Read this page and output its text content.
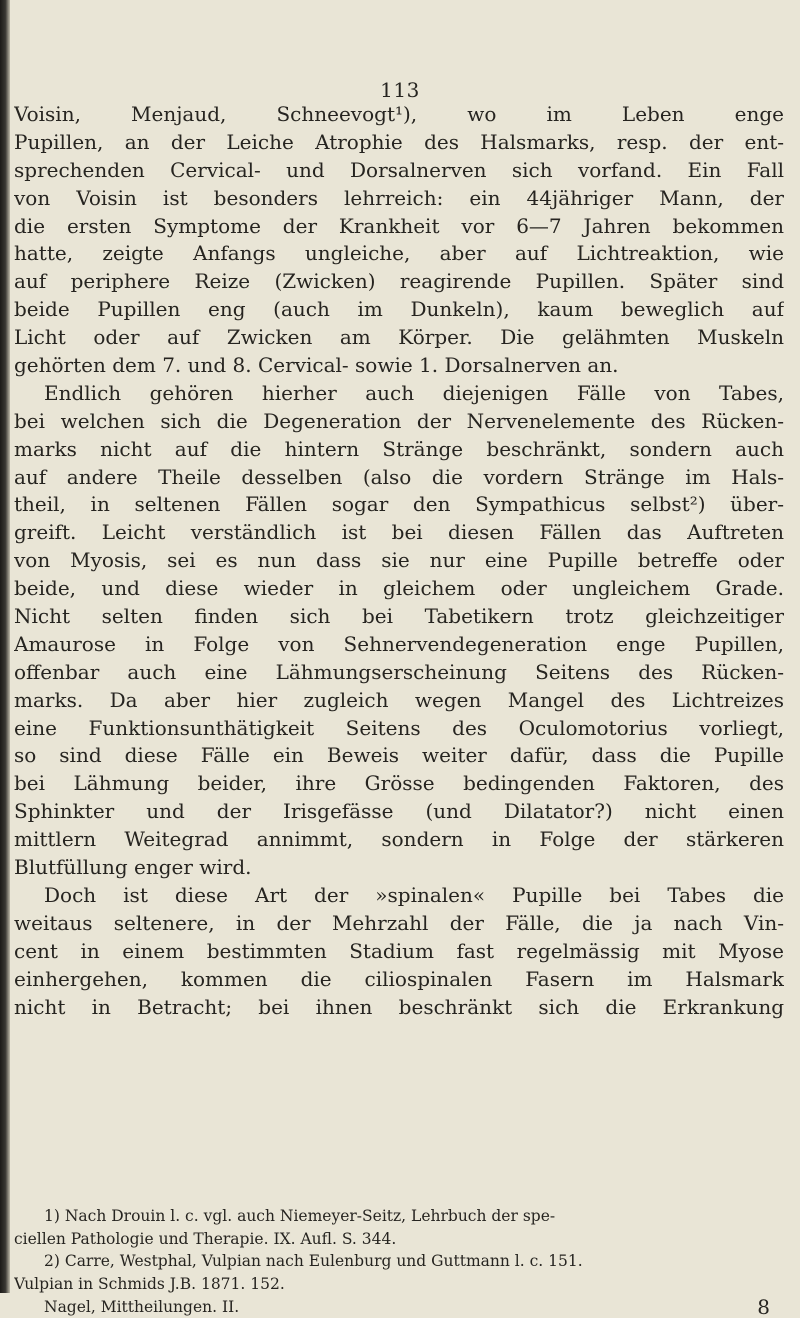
113
Voisin, Menjaud, Schneevogt¹), wo im Leben enge
Pupillen, an der Leiche Atrophie des Halsmarks, resp. der ent-
sprechenden Cervical- und Dorsalnerven sich vorfand. Ein Fall
von Voisin ist besonders lehrreich: ein 44jähriger Mann, der
die ersten Symptome der Krankheit vor 6—7 Jahren bekommen
hatte, zeigte Anfangs ungleiche, aber auf Lichtreaktion, wie
auf periphere Reize (Zwicken) reagirende Pupillen. Später sind
beide Pupillen eng (auch im Dunkeln), kaum beweglich auf
Licht oder auf Zwicken am Körper. Die gelähmten Muskeln
gehörten dem 7. und 8. Cervical- sowie 1. Dorsalnerven an.
Endlich gehören hierher auch diejenigen Fälle von Tabes,
bei welchen sich die Degeneration der Nervenelemente des Rücken-
marks nicht auf die hintern Stränge beschränkt, sondern auch
auf andere Theile desselben (also die vordern Stränge im Hals-
theil, in seltenen Fällen sogar den Sympathicus selbst²) über-
greift. Leicht verständlich ist bei diesen Fällen das Auftreten
von Myosis, sei es nun dass sie nur eine Pupille betreffe oder
beide, und diese wieder in gleichem oder ungleichem Grade.
Nicht selten finden sich bei Tabetikern trotz gleichzeitiger
Amaurose in Folge von Sehnervendegeneration enge Pupillen,
offenbar auch eine Lähmungserscheinung Seitens des Rücken-
marks. Da aber hier zugleich wegen Mangel des Lichtreizes
eine Funktionsunthätigkeit Seitens des Oculomotorius vorliegt,
so sind diese Fälle ein Beweis weiter dafür, dass die Pupille
bei Lähmung beider, ihre Grösse bedingenden Faktoren, des
Sphinkter und der Irisgefässe (und Dilatator?) nicht einen
mittlern Weitegrad annimmt, sondern in Folge der stärkeren
Blutfüllung enger wird.
Doch ist diese Art der »spinalen« Pupille bei Tabes die
weitaus seltenere, in der Mehrzahl der Fälle, die ja nach Vin-
cent in einem bestimmten Stadium fast regelmässig mit Myose
einhergehen, kommen die ciliospinalen Fasern im Halsmark
nicht in Betracht; bei ihnen beschränkt sich die Erkrankung
1) Nach Drouin l. c. vgl. auch Niemeyer-Seitz, Lehrbuch der spe-
ciellen Pathologie und Therapie. IX. Aufl. S. 344.
2) Carre, Westphal, Vulpian nach Eulenburg und Guttmann l. c. 151.
Vulpian in Schmids J.B. 1871. 152.
Nagel, Mittheilungen. II.	8
